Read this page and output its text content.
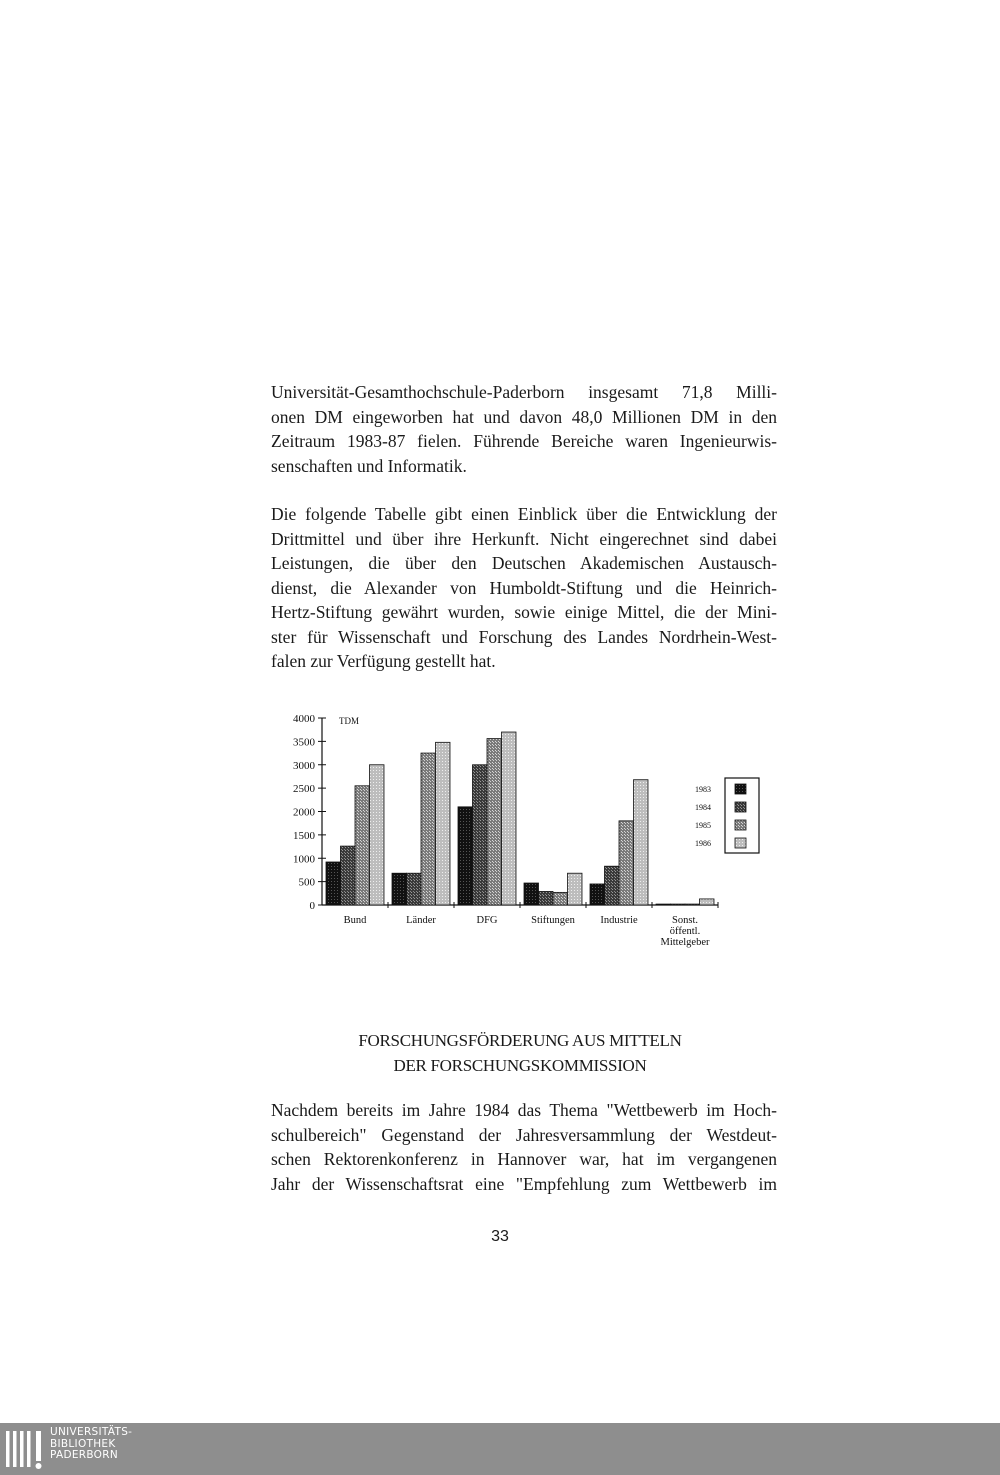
Universität-Gesamthochschule-Paderborn insgesamt 71,8 Milli-
onen DM eingeworben hat und davon 48,0 Millionen DM in den
Zeitraum 1983-87 fielen. Führende Bereiche waren Ingenieurwis-
senschaften und Informatik.
Die folgende Tabelle gibt einen Einblick über die Entwicklung der
Drittmittel und über ihre Herkunft. Nicht eingerechnet sind dabei
Leistungen, die über den Deutschen Akademischen Austausch-
dienst, die Alexander von Humboldt-Stiftung und die Heinrich-
Hertz-Stiftung gewährt wurden, sowie einige Mittel, die der Mini-
ster für Wissenschaft und Forschung des Landes Nordrhein-West-
falen zur Verfügung gestellt hat.
4000
3500
3000
2500
2000
1500
1000
500
0
TDM
Bund	Länder	DFG	Stiftungen Industrie	Sonst.
öffentl.
Mittelgeber
1983
1984
1985
1986
FORSCHUNGSFÖRDERUNG AUS MITTELN
DER FORSCHUNGSKOMMISSION
Nachdem bereits im Jahre 1984 das Thema "Wettbewerb im Hoch-
schulbereich" Gegenstand der Jahresversammlung der Westdeut-
schen Rektorenkonferenz in Hannover war, hat im vergangenen
Jahr der Wissenschaftsrat eine "Empfehlung zum Wettbewerb im
33
UNIVERSITÄTS-
BIBLIOTHEK
PADERBORN
